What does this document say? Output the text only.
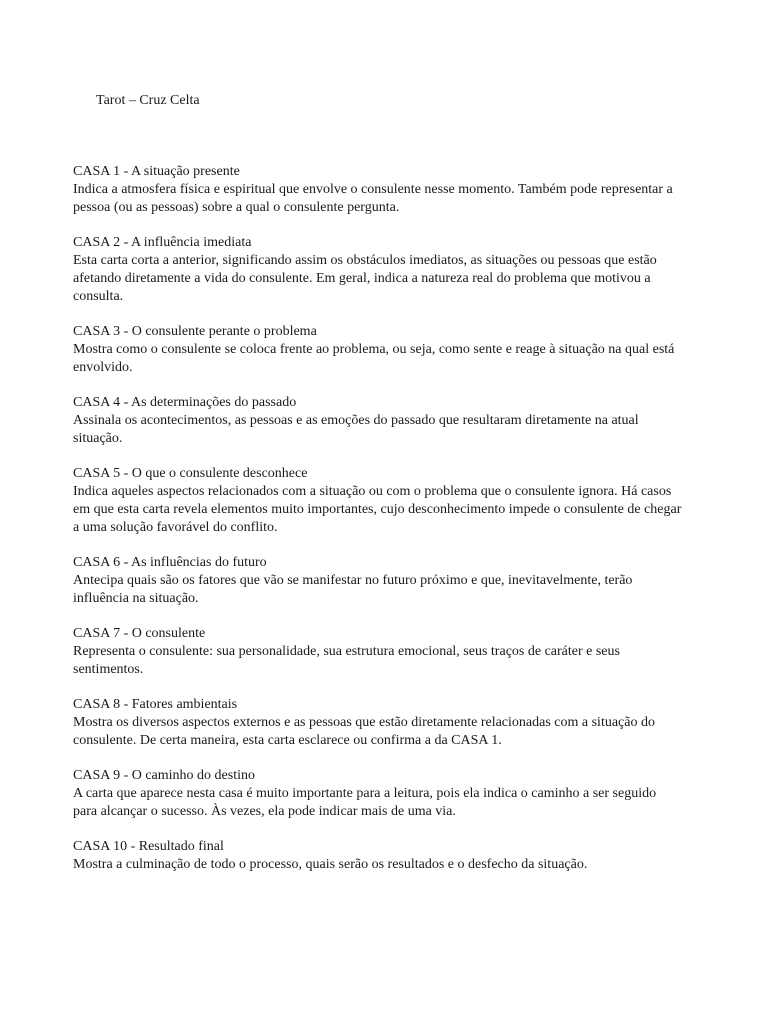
Tarot – Cruz Celta
CASA 1 - A situação presente
Indica a atmosfera física e espiritual que envolve o consulente nesse momento. Também pode representar a pessoa (ou as pessoas) sobre a qual o consulente pergunta.
CASA 2 - A influência imediata
Esta carta corta a anterior, significando assim os obstáculos imediatos, as situações ou pessoas que estão afetando diretamente a vida do consulente. Em geral, indica a natureza real do problema que motivou a consulta.
CASA 3 - O consulente perante o problema
Mostra como o consulente se coloca frente ao problema, ou seja, como sente e reage à situação na qual está envolvido.
CASA 4 - As determinações do passado
Assinala os acontecimentos, as pessoas e as emoções do passado que resultaram diretamente na atual situação.
CASA 5 - O que o consulente desconhece
Indica aqueles aspectos relacionados com a situação ou com o problema que o consulente ignora. Há casos em que esta carta revela elementos muito importantes, cujo desconhecimento impede o consulente de chegar a uma solução favorável do conflito.
CASA 6 - As influências do futuro
Antecipa quais são os fatores que vão se manifestar no futuro próximo e que, inevitavelmente, terão influência na situação.
CASA 7 - O consulente
Representa o consulente: sua personalidade, sua estrutura emocional, seus traços de caráter e seus sentimentos.
CASA 8 - Fatores ambientais
Mostra os diversos aspectos externos e as pessoas que estão diretamente relacionadas com a situação do consulente. De certa maneira, esta carta esclarece ou confirma a da CASA 1.
CASA 9 - O caminho do destino
A carta que aparece nesta casa é muito importante para a leitura, pois ela indica o caminho a ser seguido para alcançar o sucesso. Às vezes, ela pode indicar mais de uma via.
CASA 10 - Resultado final
Mostra a culminação de todo o processo, quais serão os resultados e o desfecho da situação.
